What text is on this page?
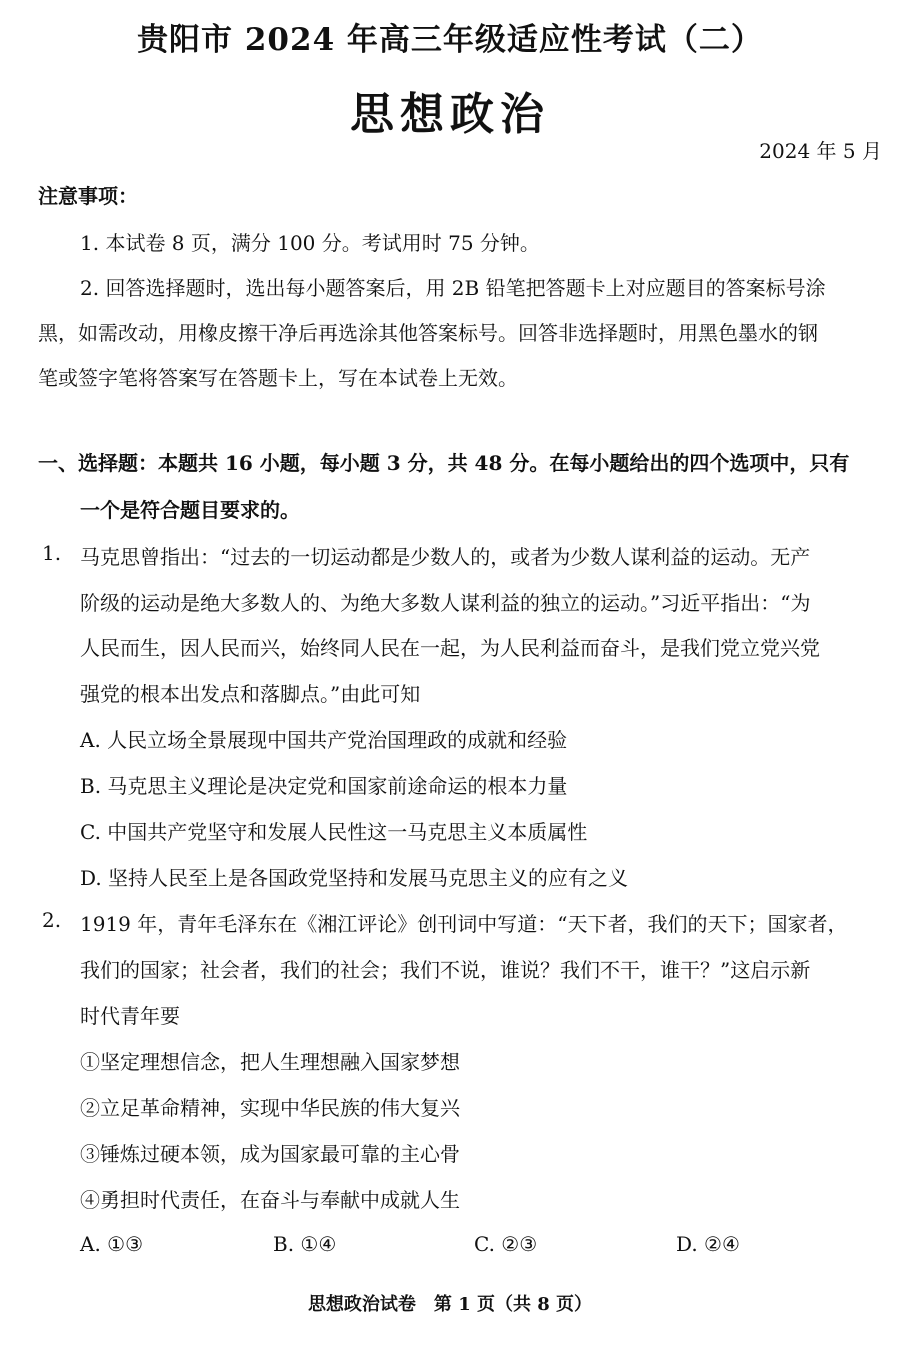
贵阳市 2024 年高三年级适应性考试（二）
思想政治
2024 年 5 月
注意事项：
1. 本试卷 8 页，满分 100 分。考试用时 75 分钟。
2. 回答选择题时，选出每小题答案后，用 2B 铅笔把答题卡上对应题目的答案标号涂
黑，如需改动，用橡皮擦干净后再选涂其他答案标号。回答非选择题时，用黑色墨水的钢
笔或签字笔将答案写在答题卡上，写在本试卷上无效。
一、选择题：本题共 16 小题，每小题 3 分，共 48 分。在每小题给出的四个选项中，只有
一个是符合题目要求的。
1. 马克思曾指出：“过去的一切运动都是少数人的，或者为少数人谋利益的运动。无产
阶级的运动是绝大多数人的、为绝大多数人谋利益的独立的运动。”习近平指出：“为
人民而生，因人民而兴，始终同人民在一起，为人民利益而奋斗，是我们党立党兴党
强党的根本出发点和落脚点。”由此可知
A. 人民立场全景展现中国共产党治国理政的成就和经验
B. 马克思主义理论是决定党和国家前途命运的根本力量
C. 中国共产党坚守和发展人民性这一马克思主义本质属性
D. 坚持人民至上是各国政党坚持和发展马克思主义的应有之义
2. 1919 年，青年毛泽东在《湘江评论》创刊词中写道：“天下者，我们的天下；国家者，
我们的国家；社会者，我们的社会；我们不说，谁说？我们不干，谁干？”这启示新
时代青年要
①坚定理想信念，把人生理想融入国家梦想
②立足革命精神，实现中华民族的伟大复兴
③锤炼过硬本领，成为国家最可靠的主心骨
④勇担时代责任，在奋斗与奉献中成就人生
A. ①③	B. ①④	C. ②③	D. ②④
思想政治试卷　第 1 页（共 8 页）
